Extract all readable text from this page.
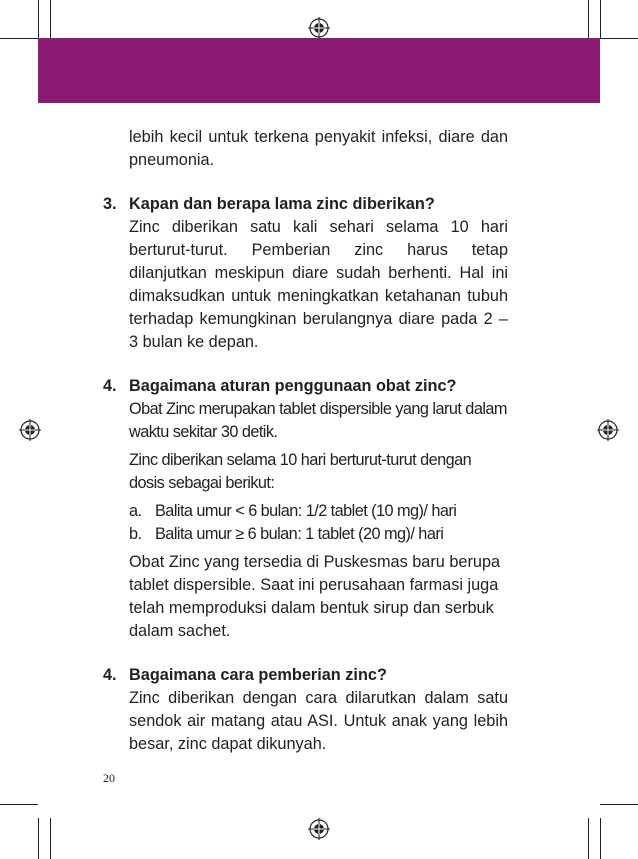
lebih kecil untuk terkena penyakit infeksi, diare dan pneumonia.

3. Kapan dan berapa lama zinc diberikan?

Zinc diberikan satu kali sehari selama 10 hari berturut-turut. Pemberian zinc harus tetap dilanjutkan meskipun diare sudah berhenti. Hal ini dimaksudkan untuk meningkatkan ketahanan tubuh terhadap kemungkinan berulangnya diare pada 2 – 3 bulan ke depan.

4. Bagaimana aturan penggunaan obat zinc?

Obat Zinc merupakan tablet dispersible yang larut dalam waktu sekitar 30 detik.

Zinc diberikan selama 10 hari berturut-turut dengan dosis sebagai berikut:

a. Balita umur < 6 bulan: 1/2 tablet (10 mg)/ hari

b. Balita umur ≥ 6 bulan: 1 tablet (20 mg)/ hari

Obat Zinc yang tersedia di Puskesmas baru berupa tablet dispersible. Saat ini perusahaan farmasi juga telah memproduksi dalam bentuk sirup dan serbuk dalam sachet.

4. Bagaimana cara pemberian zinc?

Zinc diberikan dengan cara dilarutkan dalam satu sendok air matang atau ASI. Untuk anak yang lebih besar, zinc dapat dikunyah.

20
